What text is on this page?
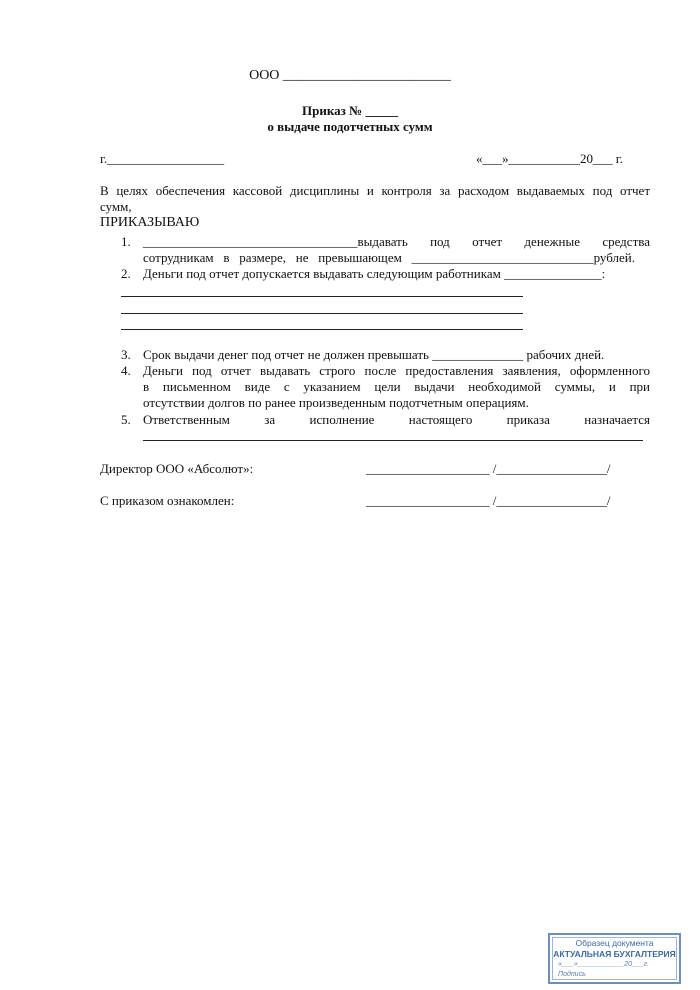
ООО ________________________
Приказ № _____
о выдаче подотчетных сумм
г.__________________	«___»___________20___ г.
В целях обеспечения кассовой дисциплины и контроля за расходом выдаваемых под отчет
сумм,
ПРИКАЗЫВАЮ
1. _________________________________выдавать под отчет денежные средства
сотрудникам в размере, не превышающем ____________________________рублей.
2. Деньги под отчет допускается выдавать следующим работникам _______________:
3. Срок выдачи денег под отчет не должен превышать ______________ рабочих дней.
4. Деньги под отчет выдавать строго после предоставления заявления, оформленного
в письменном виде с указанием цели выдачи необходимой суммы, и при
отсутствии долгов по ранее произведенным подотчетным операциям.
5. Ответственным за исполнение настоящего приказа назначается
Директор ООО «Абсолют»:	___________________ /_________________/
С приказом ознакомлен:	___________________ /_________________/
Образец документа
АКТУАЛЬНАЯ БУХГАЛТЕРИЯ
«___»____________20___г.
Подпись
